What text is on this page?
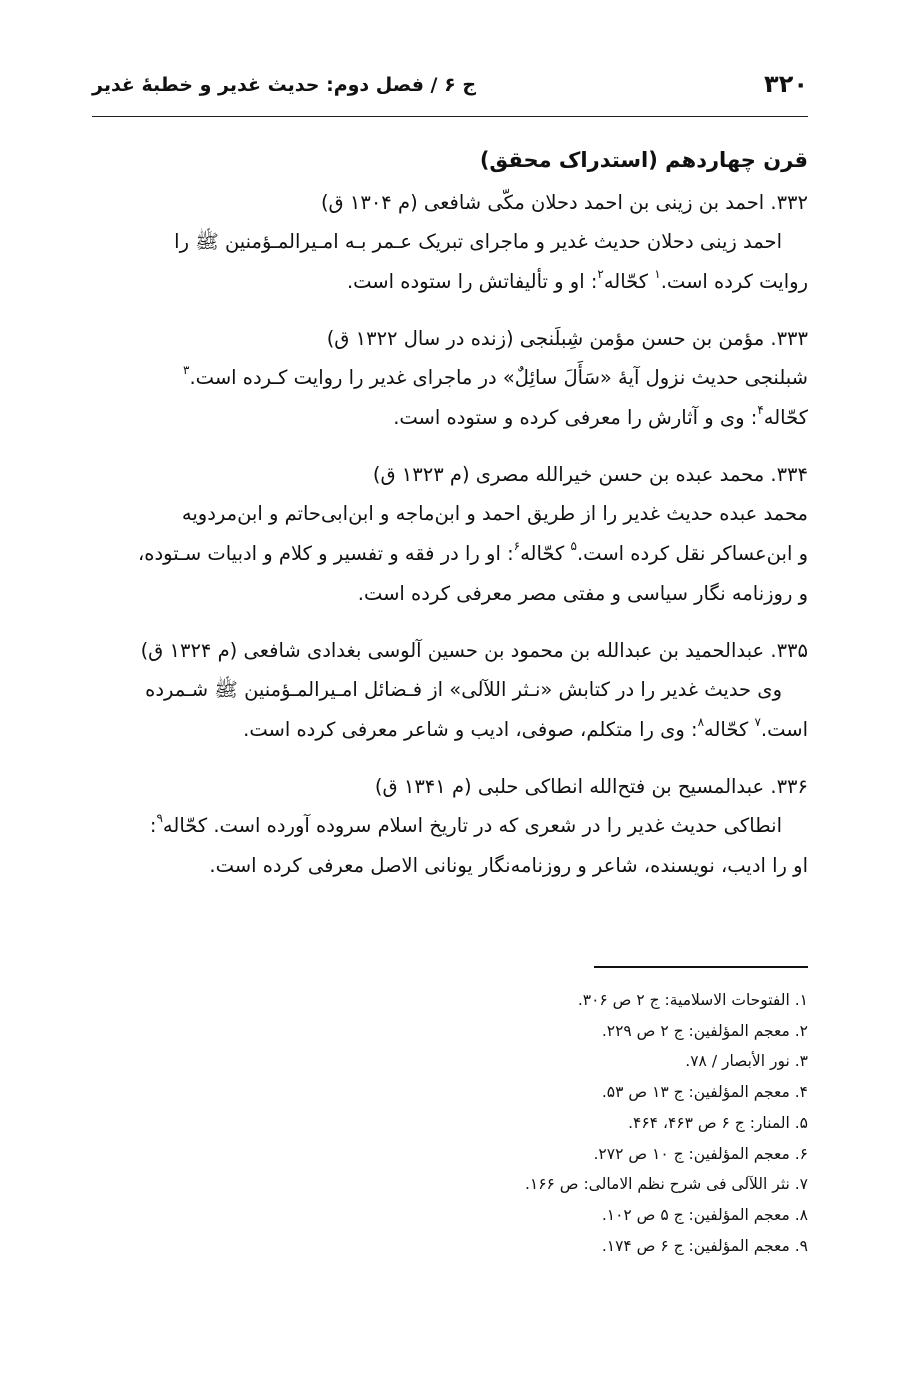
۳۲۰
ج ۶ / فصل دوم: حدیث غدیر و خطبهٔ غدیر
قرن چهاردهم (استدراک محقق)
۳۳۲. احمد بن زینی بن احمد دحلان مکّی شافعی (م ۱۳۰۴ ق)

احمد زینی دحلان حدیث غدیر و ماجرای تبریک عـمر بـه امـیرالمـؤمنین ﷺ را

روایت کرده است.$^۱$ کحّاله$^۲$: او و تألیفاتش را ستوده است.

۳۳۳. مؤمن بن حسن مؤمن شِبلَنجی (زنده در سال ۱۳۲۲ ق)

شبلنجی حدیث نزول آیهٔ «سَأَلَ سائِلٌ» در ماجرای غدیر را روایت کـرده است.$^۳$

کحّاله$^۴$: وی و آثارش را معرفی کرده و ستوده است.

۳۳۴. محمد عبده بن حسن خیرالله مصری (م ۱۳۲۳ ق)

محمد عبده حدیث غدیر را از طریق احمد و ابن‌ماجه و ابن‌ابی‌حاتم و ابن‌مردویه

و ابن‌عساکر نقل کرده است.$^۵$ کحّاله$^۶$: او را در فقه و تفسیر و کلام و ادبیات سـتوده،

و روزنامه نگار سیاسی و مفتی مصر معرفی کرده است.

۳۳۵. عبدالحمید بن عبدالله بن محمود بن حسین آلوسی بغدادی شافعی (م ۱۳۲۴ ق)

وی حدیث غدیر را در کتابش «نـثر اللآلی» از فـضائل امـیرالمـؤمنین ﷺ شـمرده

است.$^۷$ کحّاله$^۸$: وی را متکلم، صوفی، ادیب و شاعر معرفی کرده است.

۳۳۶. عبدالمسیح بن فتح‌الله انطاکی حلبی (م ۱۳۴۱ ق)

انطاکی حدیث غدیر را در شعری که در تاریخ اسلام سروده آورده است. کحّاله$^۹$:

او را ادیب، نویسنده، شاعر و روزنامه‌نگار یونانی الاصل معرفی کرده است.

۱. الفتوحات الاسلامیة: ج ۲ ص ۳۰۶.
۲. معجم المؤلفین: ج ۲ ص ۲۲۹.
۳. نور الأبصار / ۷۸.
۴. معجم المؤلفین: ج ۱۳ ص ۵۳.
۵. المنار: ج ۶ ص ۴۶۳، ۴۶۴.
۶. معجم المؤلفین: ج ۱۰ ص ۲۷۲.
۷. نثر اللآلی فی شرح نظم الامالی: ص ۱۶۶.
۸. معجم المؤلفین: ج ۵ ص ۱۰۲.
۹. معجم المؤلفین: ج ۶ ص ۱۷۴.
